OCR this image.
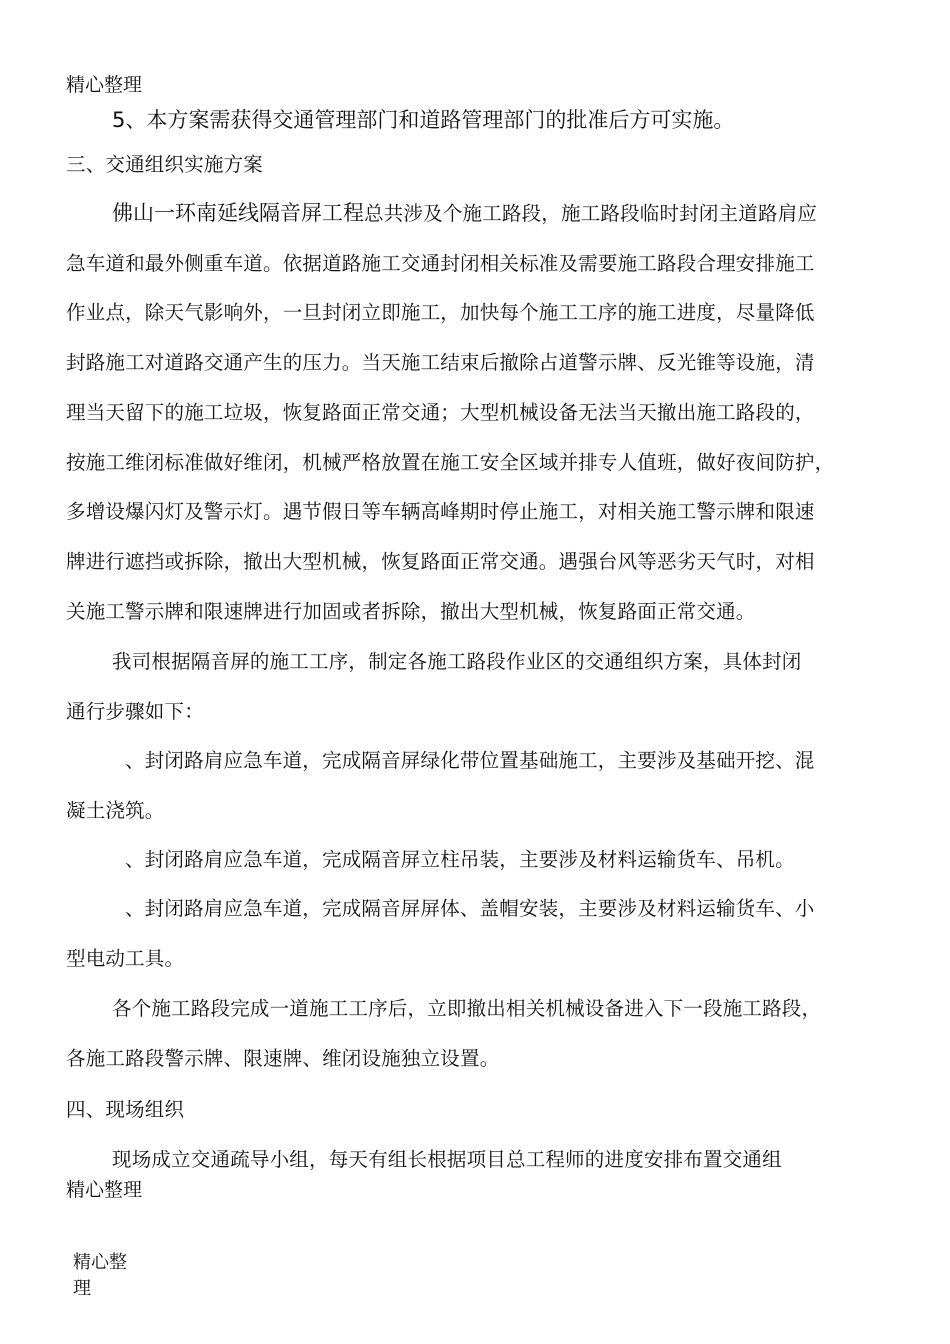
精心整理
5、本方案需获得交通管理部门和道路管理部门的批准后方可实施。
三、交通组织实施方案
佛山一环南延线隔音屏工程总共涉及个施工路段，施工路段临时封闭主道路肩应
急车道和最外侧重车道。依据道路施工交通封闭相关标准及需要施工路段合理安排施工
作业点，除天气影响外，一旦封闭立即施工，加快每个施工工序的施工进度，尽量降低
封路施工对道路交通产生的压力。当天施工结束后撤除占道警示牌、反光锥等设施，清
理当天留下的施工垃圾，恢复路面正常交通；大型机械设备无法当天撤出施工路段的，
按施工维闭标准做好维闭，机械严格放置在施工安全区域并排专人值班，做好夜间防护，
多增设爆闪灯及警示灯。遇节假日等车辆高峰期时停止施工，对相关施工警示牌和限速
牌进行遮挡或拆除，撤出大型机械，恢复路面正常交通。遇强台风等恶劣天气时，对相
关施工警示牌和限速牌进行加固或者拆除，撤出大型机械，恢复路面正常交通。
我司根据隔音屏的施工工序，制定各施工路段作业区的交通组织方案，具体封闭
通行步骤如下：
、封闭路肩应急车道，完成隔音屏绿化带位置基础施工，主要涉及基础开挖、混
凝土浇筑。
、封闭路肩应急车道，完成隔音屏立柱吊装，主要涉及材料运输货车、吊机。
、封闭路肩应急车道，完成隔音屏屏体、盖帽安装，主要涉及材料运输货车、小
型电动工具。
各个施工路段完成一道施工工序后，立即撤出相关机械设备进入下一段施工路段，
各施工路段警示牌、限速牌、维闭设施独立设置。
四、现场组织
现场成立交通疏导小组，每天有组长根据项目总工程师的进度安排布置交通组
精心整理
精心整
理
